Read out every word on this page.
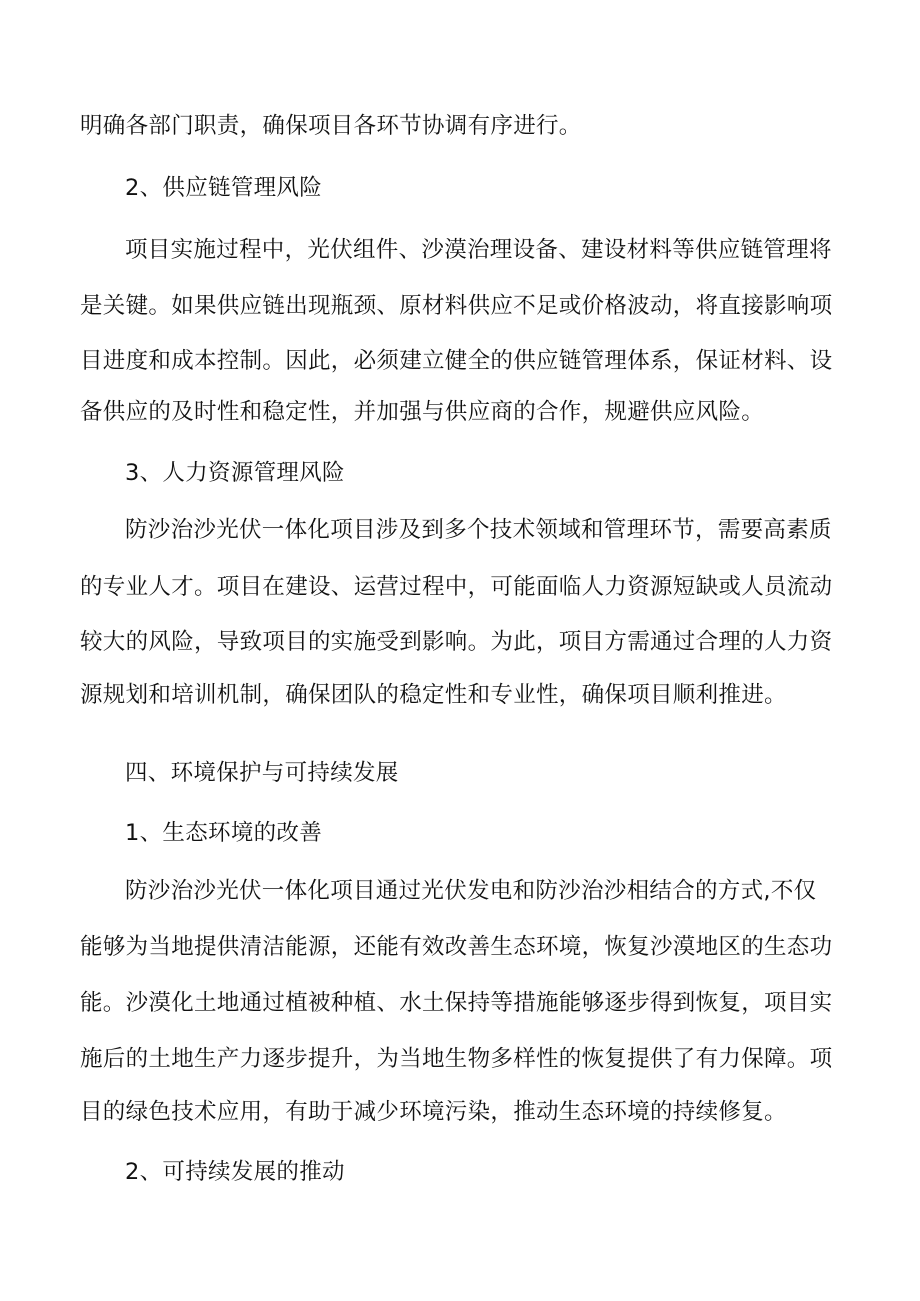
明确各部门职责，确保项目各环节协调有序进行。

2、供应链管理风险

项目实施过程中，光伏组件、沙漠治理设备、建设材料等供应链管理将

是关键。如果供应链出现瓶颈、原材料供应不足或价格波动，将直接影响项

目进度和成本控制。因此，必须建立健全的供应链管理体系，保证材料、设

备供应的及时性和稳定性，并加强与供应商的合作，规避供应风险。

3、人力资源管理风险

防沙治沙光伏一体化项目涉及到多个技术领域和管理环节，需要高素质

的专业人才。项目在建设、运营过程中，可能面临人力资源短缺或人员流动

较大的风险，导致项目的实施受到影响。为此，项目方需通过合理的人力资

源规划和培训机制，确保团队的稳定性和专业性，确保项目顺利推进。

四、环境保护与可持续发展

1、生态环境的改善

防沙治沙光伏一体化项目通过光伏发电和防沙治沙相结合的方式,不仅

能够为当地提供清洁能源，还能有效改善生态环境，恢复沙漠地区的生态功

能。沙漠化土地通过植被种植、水土保持等措施能够逐步得到恢复，项目实

施后的土地生产力逐步提升，为当地生物多样性的恢复提供了有力保障。项

目的绿色技术应用，有助于减少环境污染，推动生态环境的持续修复。

2、可持续发展的推动
